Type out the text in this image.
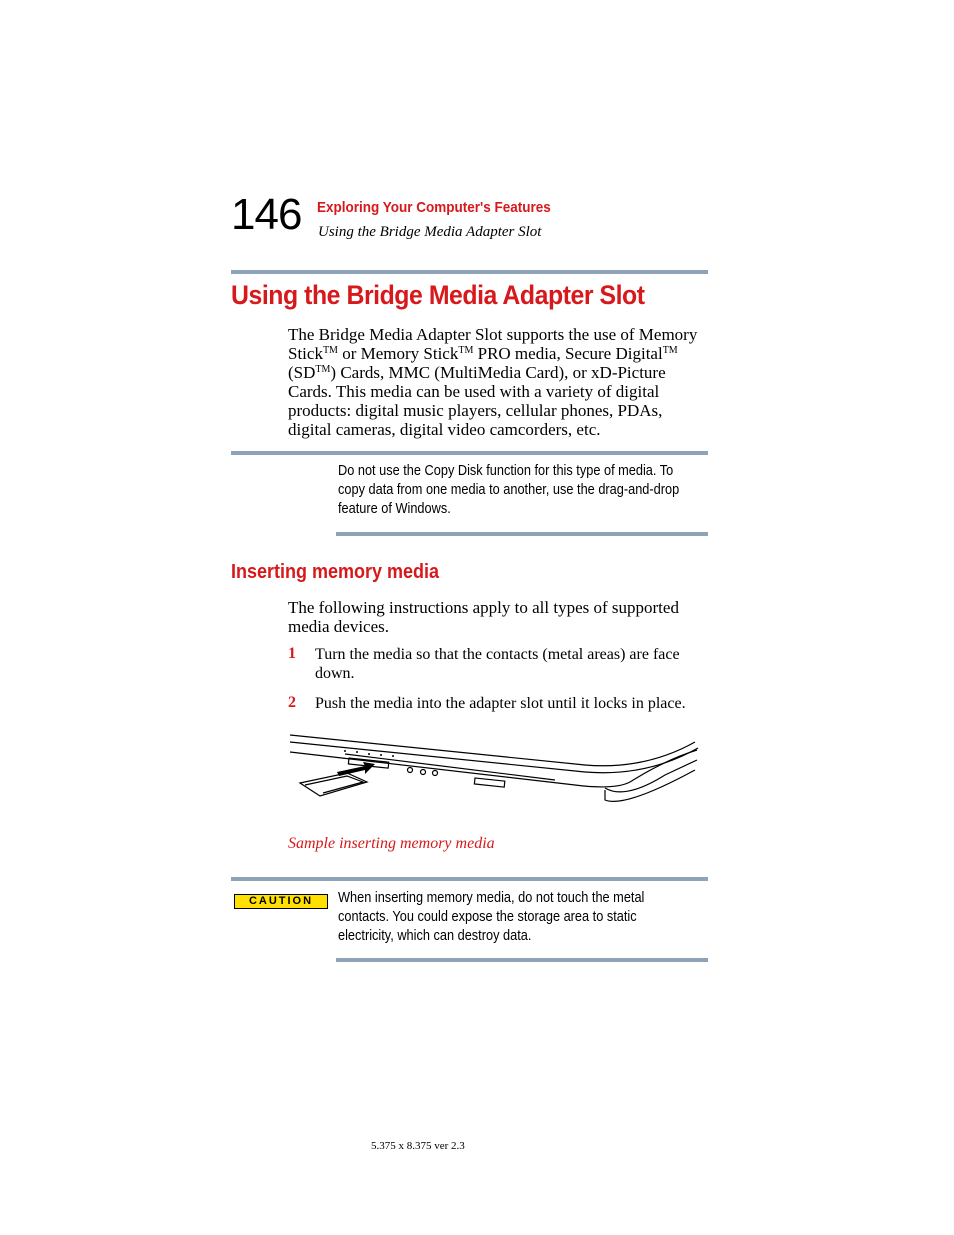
146 Exploring Your Computer's Features
Using the Bridge Media Adapter Slot
Using the Bridge Media Adapter Slot
The Bridge Media Adapter Slot supports the use of Memory
Stick™ or Memory Stick™ PRO media, Secure Digital™
(SD™) Cards, MMC (MultiMedia Card), or xD-Picture
Cards. This media can be used with a variety of digital
products: digital music players, cellular phones, PDAs,
digital cameras, digital video camcorders, etc.
Do not use the Copy Disk function for this type of media. To
copy data from one media to another, use the drag-and-drop
feature of Windows.
Inserting memory media
The following instructions apply to all types of supported
media devices.
1 Turn the media so that the contacts (metal areas) are face
down.
2 Push the media into the adapter slot until it locks in place.
Sample inserting memory media
CAUTION	When inserting memory media, do not touch the metal
contacts. You could expose the storage area to static
electricity, which can destroy data.
5.375 x 8.375 ver 2.3
